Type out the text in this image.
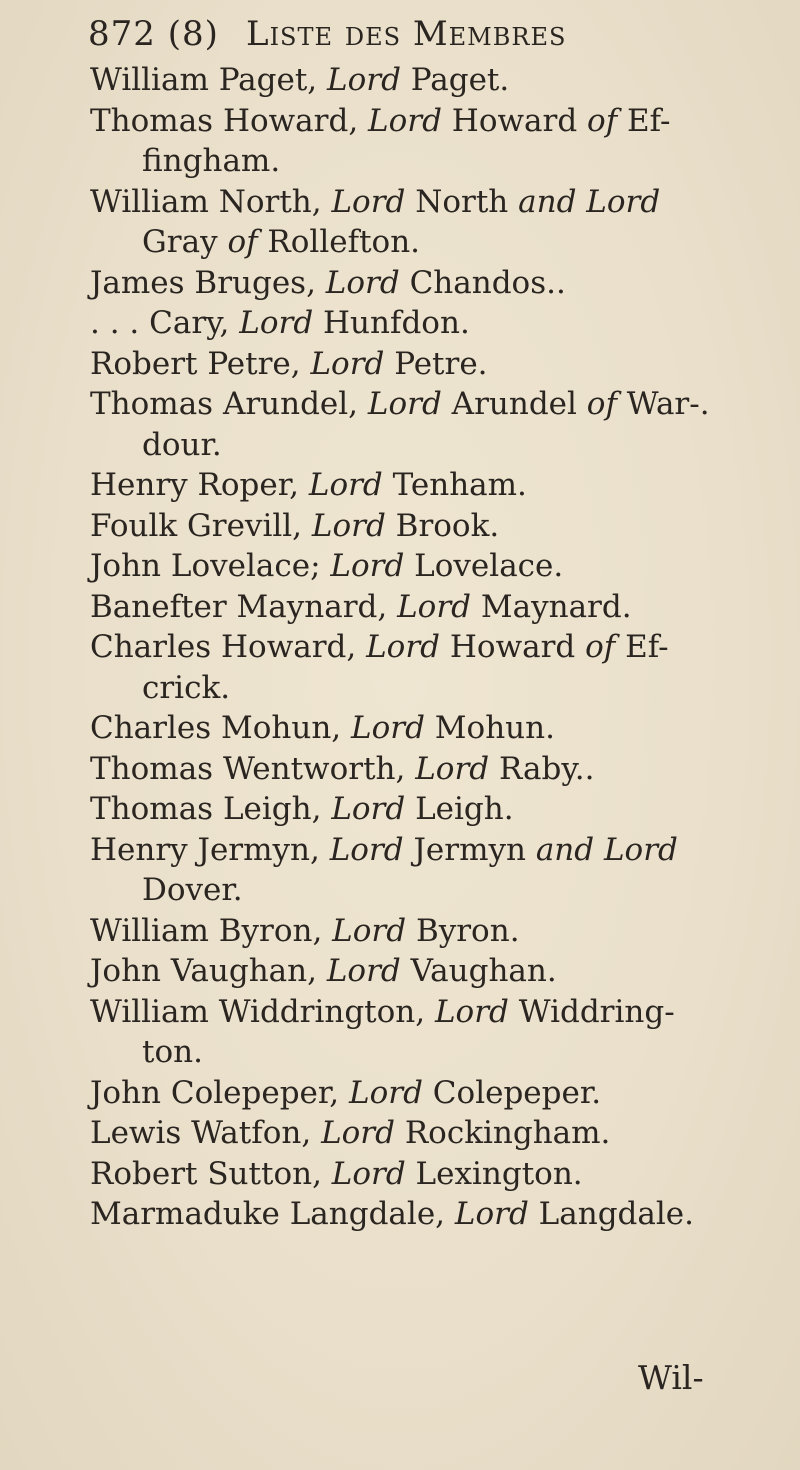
872 (8) Liste des Membres
William Paget, Lord Paget.
Thomas Howard, Lord Howard of Ef-
fingham.
William North, Lord North and Lord
Gray of Rollefton.
James Bruges, Lord Chandos..
. . . Cary, Lord Hunfdon.
Robert Petre, Lord Petre.
Thomas Arundel, Lord Arundel of War-.
dour.
Henry Roper, Lord Tenham.
Foulk Grevill, Lord Brook.
John Lovelace; Lord Lovelace.
Banefter Maynard, Lord Maynard.
Charles Howard, Lord Howard of Ef-
crick.
Charles Mohun, Lord Mohun.
Thomas Wentworth, Lord Raby..
Thomas Leigh, Lord Leigh.
Henry Jermyn, Lord Jermyn and Lord
Dover.
William Byron, Lord Byron.
John Vaughan, Lord Vaughan.
William Widdrington, Lord Widdring-
ton.
John Colepeper, Lord Colepeper.
Lewis Watfon, Lord Rockingham.
Robert Sutton, Lord Lexington.
Marmaduke Langdale, Lord Langdale.
Wil-
